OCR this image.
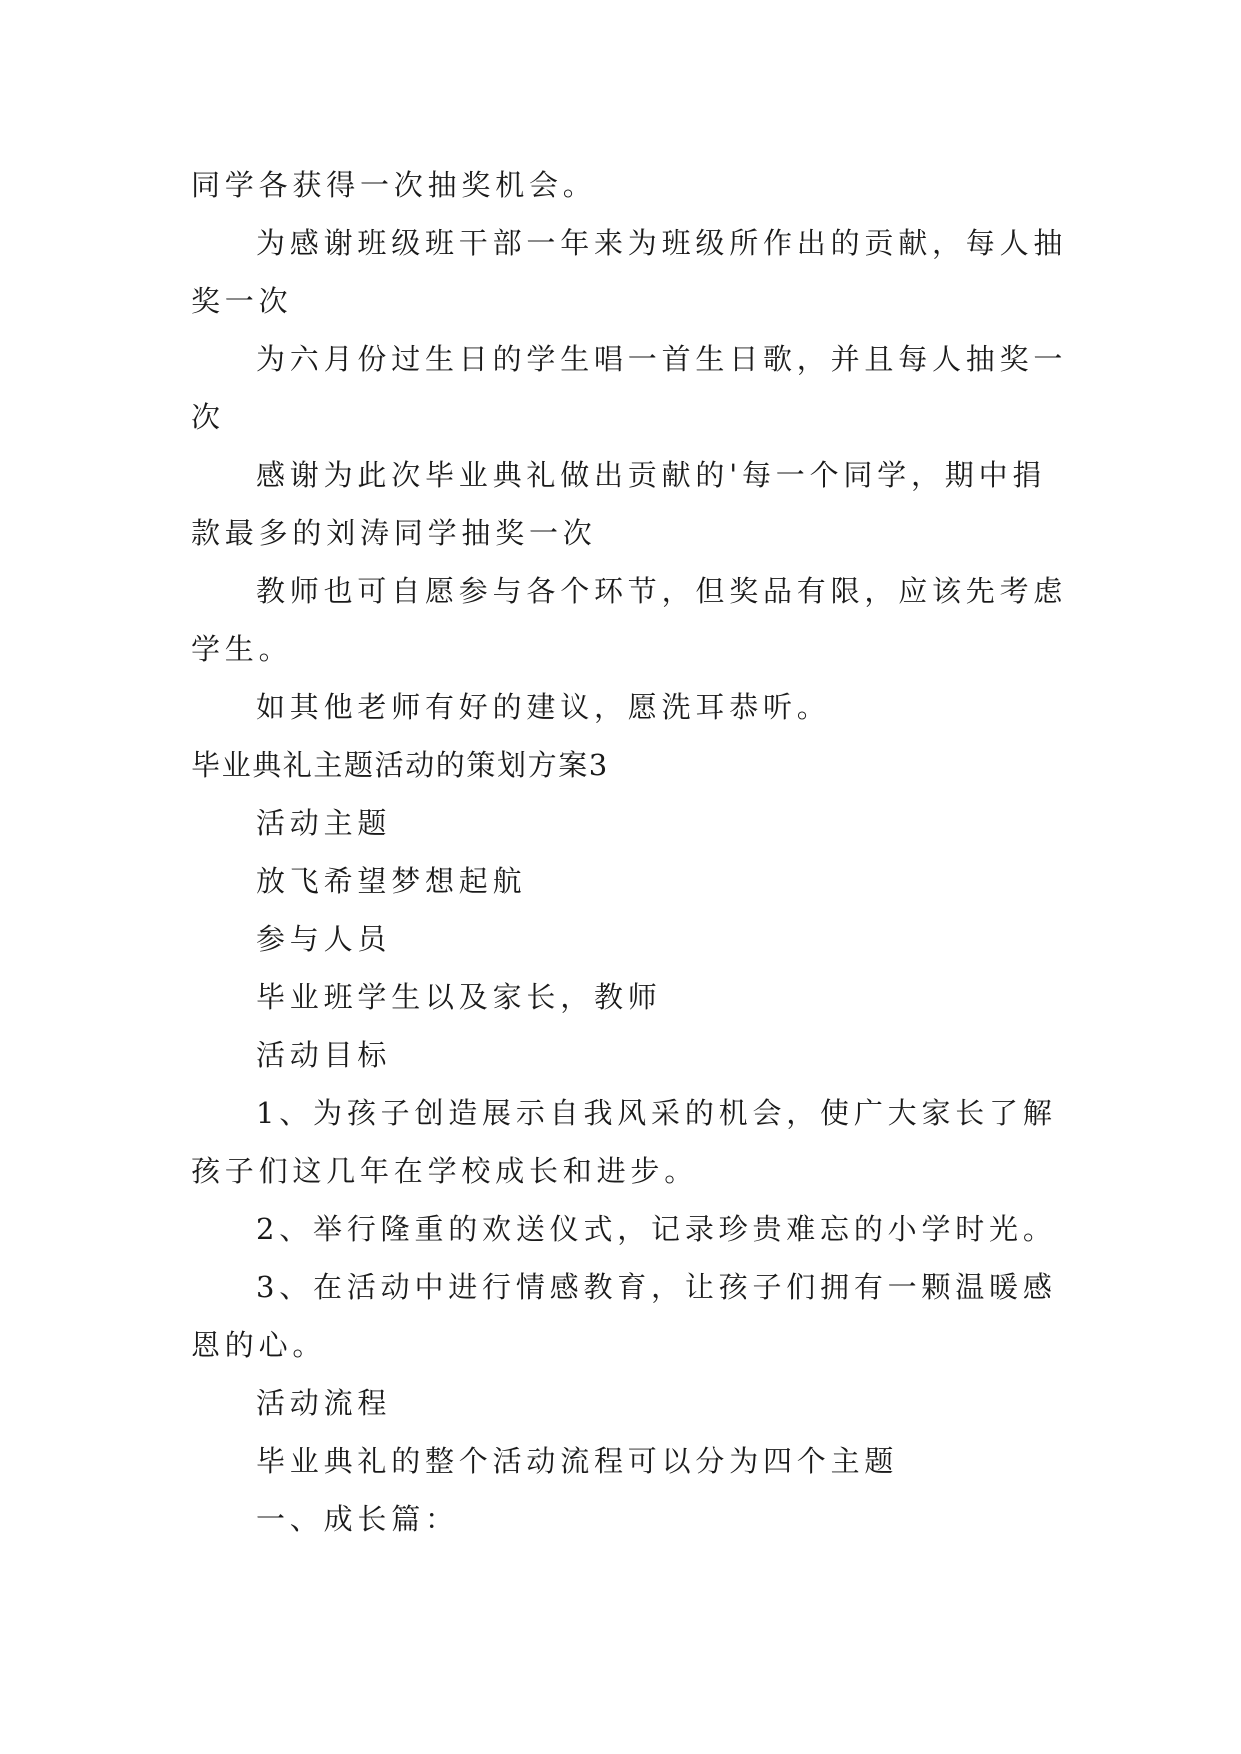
同学各获得一次抽奖机会。
为感谢班级班干部一年来为班级所作出的贡献，每人抽
奖一次
为六月份过生日的学生唱一首生日歌，并且每人抽奖一
次
感谢为此次毕业典礼做出贡献的'每一个同学，期中捐
款最多的刘涛同学抽奖一次
教师也可自愿参与各个环节，但奖品有限，应该先考虑
学生。
如其他老师有好的建议，愿洗耳恭听。
毕业典礼主题活动的策划方案3
活动主题
放飞希望梦想起航
参与人员
毕业班学生以及家长，教师
活动目标
1、为孩子创造展示自我风采的机会，使广大家长了解
孩子们这几年在学校成长和进步。
2、举行隆重的欢送仪式，记录珍贵难忘的小学时光。
3、在活动中进行情感教育，让孩子们拥有一颗温暖感
恩的心。
活动流程
毕业典礼的整个活动流程可以分为四个主题
一、成长篇：
